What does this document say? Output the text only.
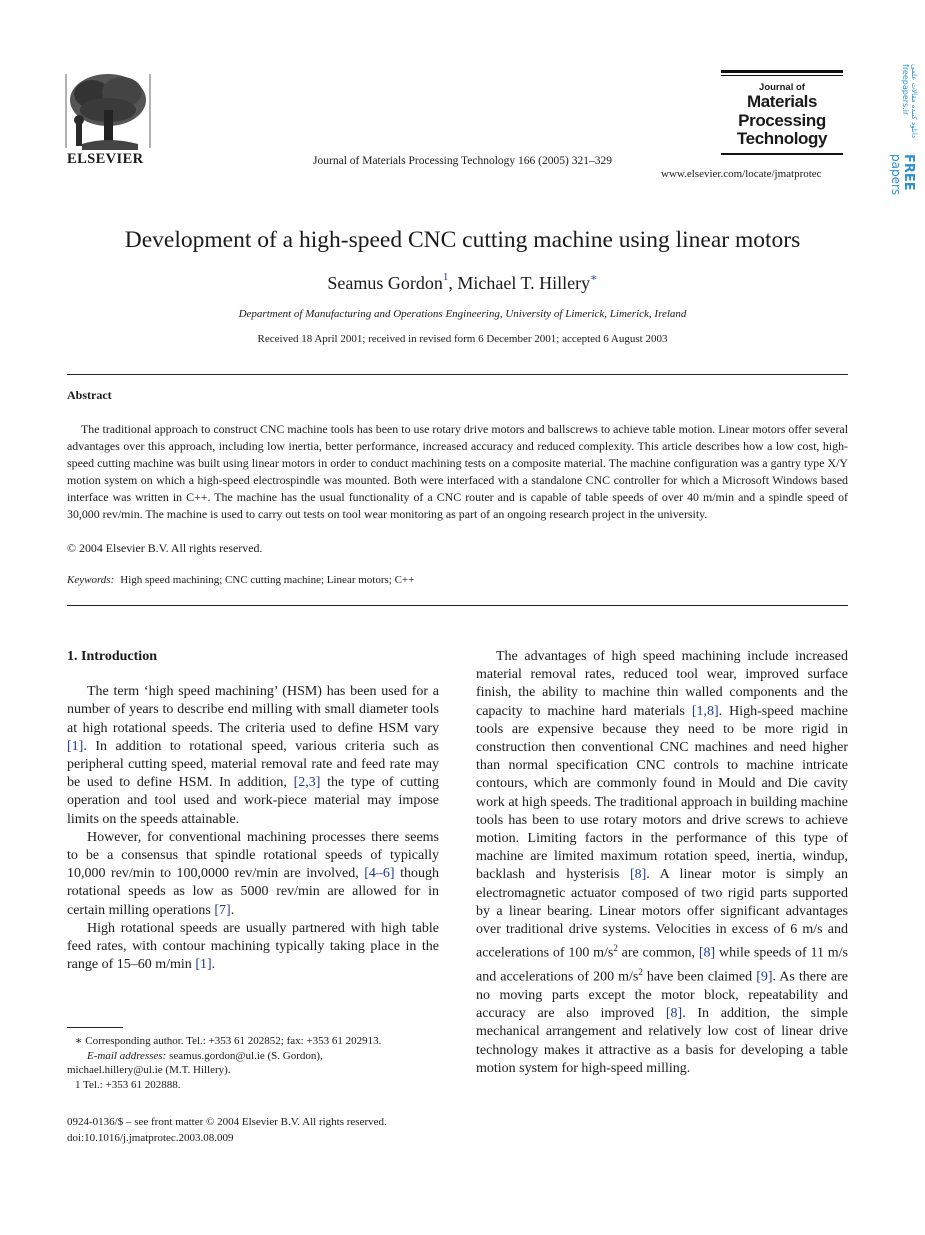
ELSEVIER	Journal of Materials Processing Technology 166 (2005) 321–329
Journal of
Materials
Processing
Technology
www.elsevier.com/locate/jmatprotec
دانلود کننده مقالات علمی
freepapers.ir
FREE
papers
Development of a high-speed CNC cutting machine using linear motors
Seamus Gordon$^1$, Michael T. Hillery∗
Department of Manufacturing and Operations Engineering, University of Limerick, Limerick, Ireland
Received 18 April 2001; received in revised form 6 December 2001; accepted 6 August 2003
Abstract
The traditional approach to construct CNC machine tools has been to use rotary drive motors and ballscrews to achieve table motion. Linear motors offer several advantages over this approach, including low inertia, better performance, increased accuracy and reduced complexity. This article describes how a low cost, high-speed cutting machine was built using linear motors in order to conduct machining tests on a composite material. The machine configuration was a gantry type X/Y motion system on which a high-speed electrospindle was mounted. Both were interfaced with a standalone CNC controller for which a Microsoft Windows based interface was written in C++. The machine has the usual functionality of a CNC router and is capable of table speeds of over 40 m/min and a spindle speed of 30,000 rev/min. The machine is used to carry out tests on tool wear monitoring as part of an ongoing research project in the university.
© 2004 Elsevier B.V. All rights reserved.
Keywords: High speed machining; CNC cutting machine; Linear motors; C++

1. Introduction

The term ‘high speed machining’ (HSM) has been used for a number of years to describe end milling with small diameter tools at high rotational speeds. The criteria used to define HSM vary [1]. In addition to rotational speed, various criteria such as peripheral cutting speed, material removal rate and feed rate may be used to define HSM. In addition, [2,3] the type of cutting operation and tool used and work-piece material may impose limits on the speeds attainable.

However, for conventional machining processes there seems to be a consensus that spindle rotational speeds of typically 10,000 rev/min to 100,0000 rev/min are involved, [4–6] though rotational speeds as low as 5000 rev/min are allowed for in certain milling operations [7].

High rotational speeds are usually partnered with high table feed rates, with contour machining typically taking place in the range of 15–60 m/min [1].

The advantages of high speed machining include increased material removal rates, reduced tool wear, improved surface finish, the ability to machine thin walled components and the capacity to machine hard materials [1,8]. High-speed machine tools are expensive because they need to be more rigid in construction then conventional CNC machines and need higher than normal specification CNC controls to machine intricate contours, which are commonly found in Mould and Die cavity work at high speeds. The traditional approach in building machine tools has been to use rotary motors and drive screws to achieve motion. Limiting factors in the performance of this type of machine are limited maximum rotation speed, inertia, windup, backlash and hysterisis [8]. A linear motor is simply an electromagnetic actuator composed of two rigid parts supported by a linear bearing. Linear motors offer significant advantages over traditional drive systems. Velocities in excess of 6 m/s and accelerations of 100 $m/s^2$ are common, [8] while speeds of 11 m/s and accelerations of 200 $m/s^2$ have been claimed [9]. As there are no moving parts except the motor block, repeatability and accuracy are also improved [8]. In addition, the simple mechanical arrangement and relatively low cost of linear drive technology makes it attractive as a basis for developing a table motion system for high-speed milling.

∗ Corresponding author. Tel.: +353 61 202852; fax: +353 61 202913.

E-mail addresses: seamus.gordon@ul.ie (S. Gordon),

michael.hillery@ul.ie (M.T. Hillery).

1 Tel.: +353 61 202888.

0924-0136/$ – see front matter © 2004 Elsevier B.V. All rights reserved.
doi:10.1016/j.jmatprotec.2003.08.009
